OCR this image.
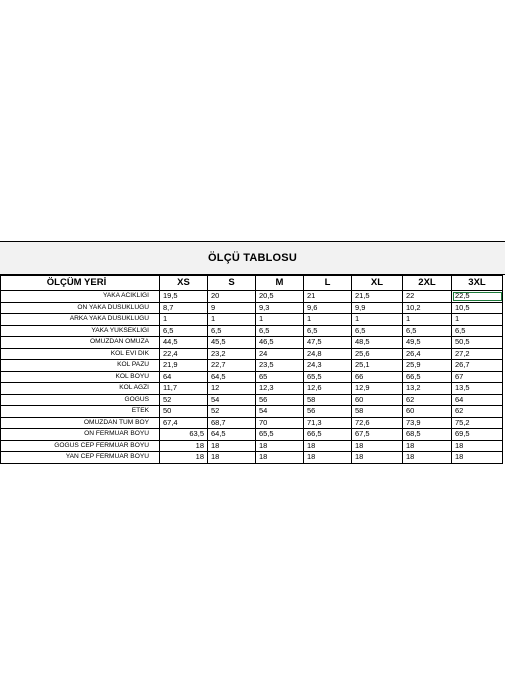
ÖLÇÜ TABLOSU
ÖLÇÜM YERİ	XS	S	M	L	XL	2XL	3XL
YAKA ACIKLIGI	19,5	20	20,5	21	21,5	22	22,5
ON YAKA DUSUKLUGU	8,7	9	9,3	9,6	9,9	10,2	10,5
ARKA YAKA DUSUKLUGU	1	1	1	1	1	1	1
YAKA YUKSEKLIGI	6,5	6,5	6,5	6,5	6,5	6,5	6,5
OMUZDAN OMUZA	44,5	45,5	46,5	47,5	48,5	49,5	50,5
KOL EVI DIK	22,4	23,2	24	24,8	25,6	26,4	27,2
KOL PAZU	21,9	22,7	23,5	24,3	25,1	25,9	26,7
KOL BOYU	64	64,5	65	65,5	66	66,5	67
KOL AGZI	11,7	12	12,3	12,6	12,9	13,2	13,5
GOGUS	52	54	56	58	60	62	64
ETEK	50	52	54	56	58	60	62
OMUZDAN TUM BOY	67,4	68,7	70	71,3	72,6	73,9	75,2
ON FERMUAR BOYU	63,5	64,5	65,5	66,5	67,5	68,5	69,5
GOGUS CEP FERMUAR BOYU	18	18	18	18	18	18	18
YAN CEP FERMUAR BOYU	18	18	18	18	18	18	18
